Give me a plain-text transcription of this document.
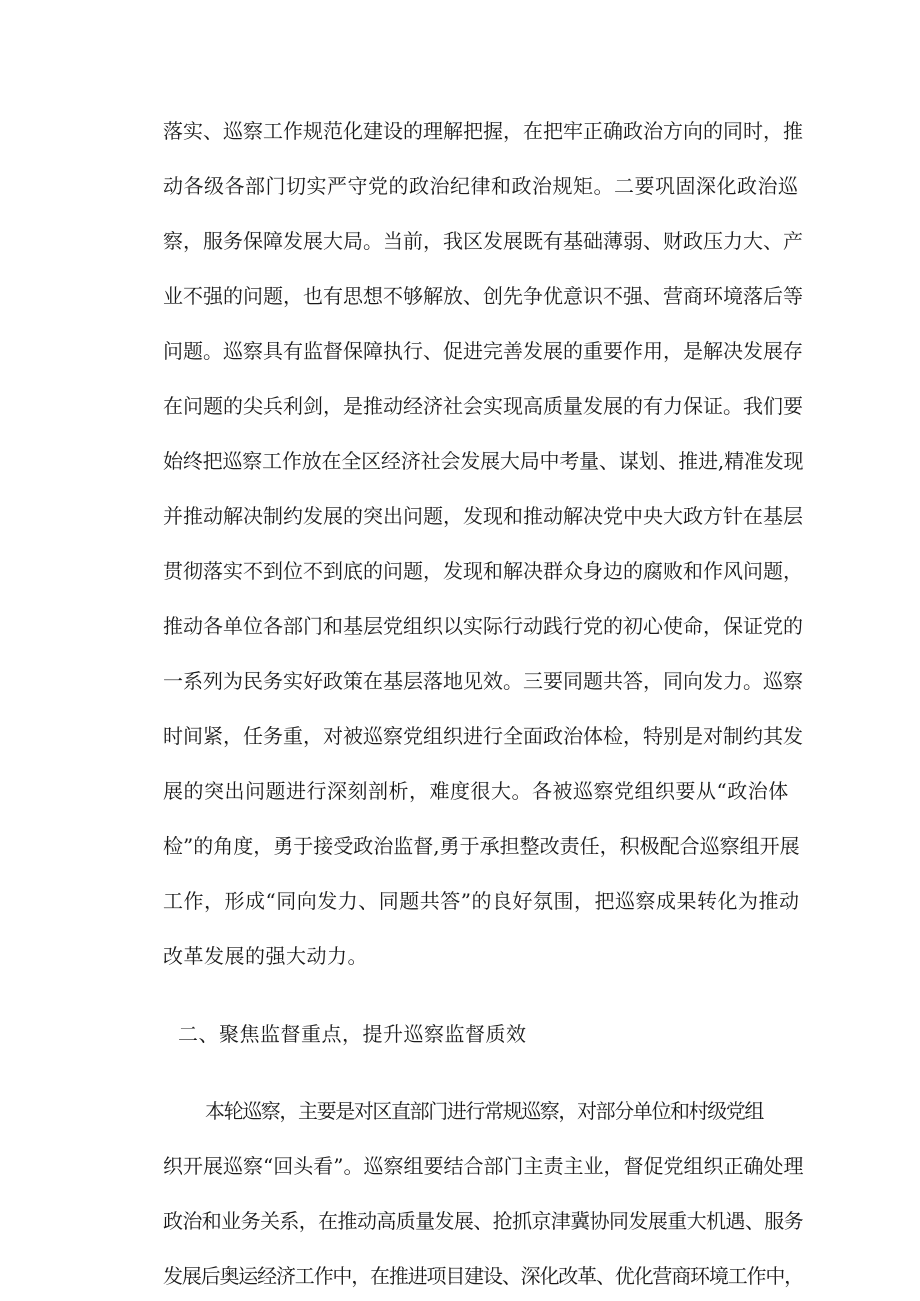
落实、巡察工作规范化建设的理解把握，在把牢正确政治方向的同时，推
动各级各部门切实严守党的政治纪律和政治规矩。二要巩固深化政治巡
察，服务保障发展大局。当前，我区发展既有基础薄弱、财政压力大、产
业不强的问题，也有思想不够解放、创先争优意识不强、营商环境落后等
问题。巡察具有监督保障执行、促进完善发展的重要作用，是解决发展存
在问题的尖兵利剑，是推动经济社会实现高质量发展的有力保证。我们要
始终把巡察工作放在全区经济社会发展大局中考量、谋划、推进,精准发现
并推动解决制约发展的突出问题，发现和推动解决党中央大政方针在基层
贯彻落实不到位不到底的问题，发现和解决群众身边的腐败和作风问题，
推动各单位各部门和基层党组织以实际行动践行党的初心使命，保证党的
一系列为民务实好政策在基层落地见效。三要同题共答，同向发力。巡察
时间紧，任务重，对被巡察党组织进行全面政治体检，特别是对制约其发
展的突出问题进行深刻剖析，难度很大。各被巡察党组织要从“政治体
检”的角度，勇于接受政治监督,勇于承担整改责任，积极配合巡察组开展
工作，形成“同向发力、同题共答”的良好氛围，把巡察成果转化为推动
改革发展的强大动力。
二、聚焦监督重点，提升巡察监督质效
本轮巡察，主要是对区直部门进行常规巡察，对部分单位和村级党组
织开展巡察“回头看”。巡察组要结合部门主责主业，督促党组织正确处理
政治和业务关系，在推动高质量发展、抢抓京津冀协同发展重大机遇、服务
发展后奥运经济工作中，在推进项目建设、深化改革、优化营商环境工作中，
